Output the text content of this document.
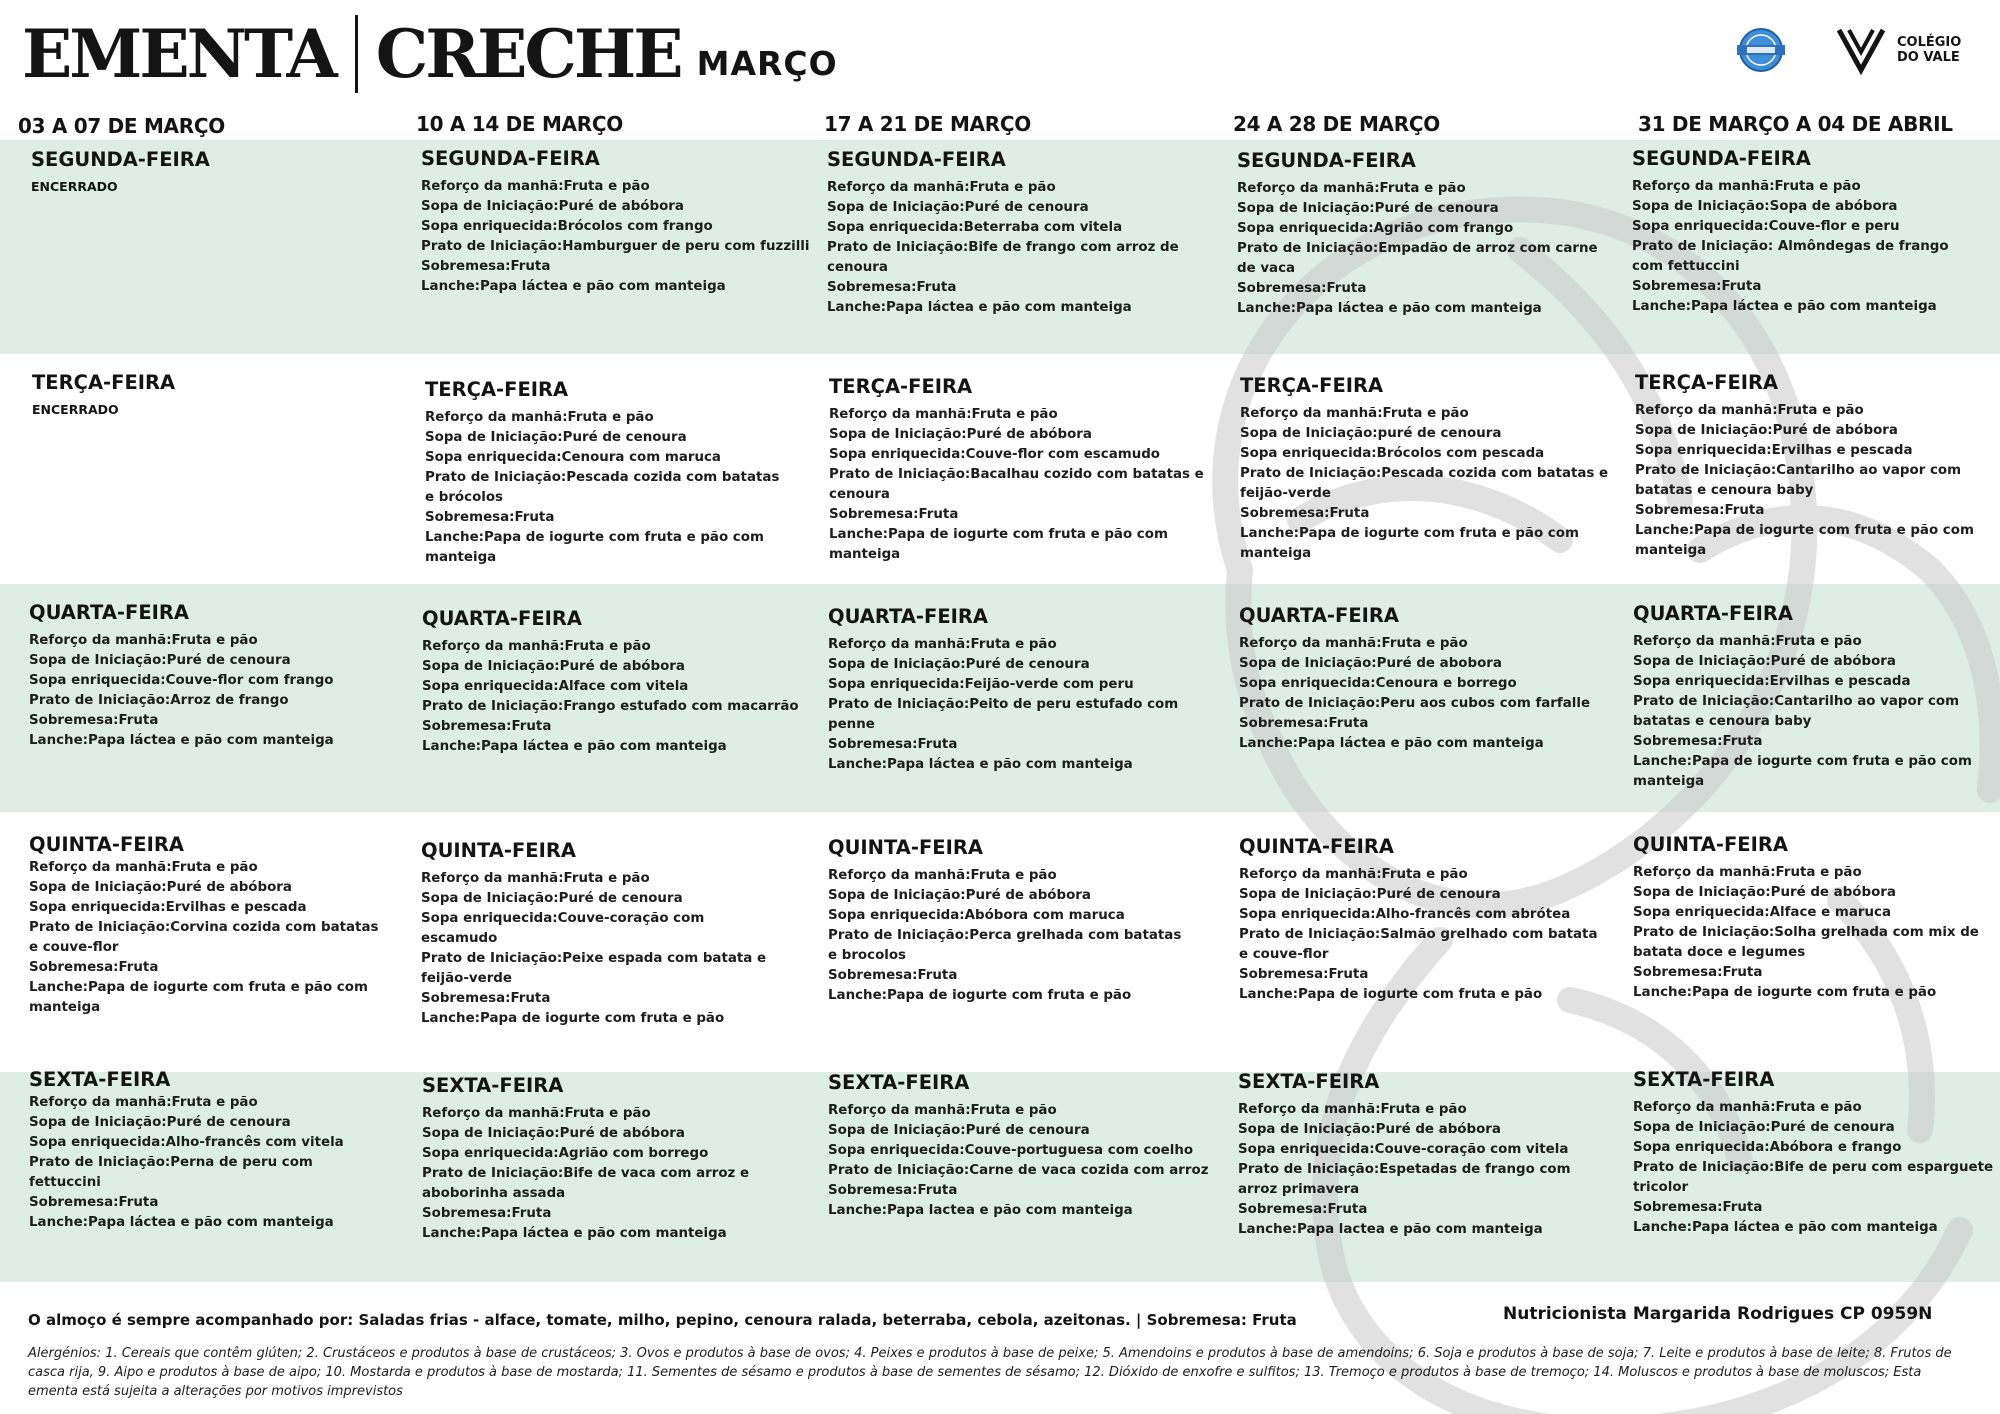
EMENTA CRECHE MARÇO
COLÉGIO
DO VALE
03 A 07 DE MARÇO	10 A 14 DE MARÇO	17 A 21 DE MARÇO	24 A 28 DE MARÇO	31 DE MARÇO A 04 DE ABRIL
SEGUNDA-FEIRA
ENCERRADO
SEGUNDA-FEIRA
Reforço da manhã:Fruta e pão
Sopa de Iniciação:Puré de abóbora
Sopa enriquecida:Brócolos com frango
Prato de Iniciação:Hamburguer de peru com fuzzilli
Sobremesa:Fruta
Lanche:Papa láctea e pão com manteiga
SEGUNDA-FEIRA
Reforço da manhã:Fruta e pão
Sopa de Iniciação:Puré de cenoura
Sopa enriquecida:Beterraba com vitela
Prato de Iniciação:Bife de frango com arroz de cenoura
Sobremesa:Fruta
Lanche:Papa láctea e pão com manteiga
SEGUNDA-FEIRA
Reforço da manhã:Fruta e pão
Sopa de Iniciação:Puré de cenoura
Sopa enriquecida:Agrião com frango
Prato de Iniciação:Empadão de arroz com carne de vaca
Sobremesa:Fruta
Lanche:Papa láctea e pão com manteiga
SEGUNDA-FEIRA
Reforço da manhã:Fruta e pão
Sopa de Iniciação:Sopa de abóbora
Sopa enriquecida:Couve-flor e peru
Prato de Iniciação: Almôndegas de frango com fettuccini
Sobremesa:Fruta
Lanche:Papa láctea e pão com manteiga
TERÇA-FEIRA
ENCERRADO
TERÇA-FEIRA
Reforço da manhã:Fruta e pão
Sopa de Iniciação:Puré de cenoura
Sopa enriquecida:Cenoura com maruca
Prato de Iniciação:Pescada cozida com batatas e brócolos
Sobremesa:Fruta
Lanche:Papa de iogurte com fruta e pão com manteiga
TERÇA-FEIRA
Reforço da manhã:Fruta e pão
Sopa de Iniciação:Puré de abóbora
Sopa enriquecida:Couve-flor com escamudo
Prato de Iniciação:Bacalhau cozido com batatas e cenoura
Sobremesa:Fruta
Lanche:Papa de iogurte com fruta e pão com manteiga
TERÇA-FEIRA
Reforço da manhã:Fruta e pão
Sopa de Iniciação:puré de cenoura
Sopa enriquecida:Brócolos com pescada
Prato de Iniciação:Pescada cozida com batatas e feijão-verde
Sobremesa:Fruta
Lanche:Papa de iogurte com fruta e pão com manteiga
TERÇA-FEIRA
Reforço da manhã:Fruta e pão
Sopa de Iniciação:Puré de abóbora
Sopa enriquecida:Ervilhas e pescada
Prato de Iniciação:Cantarilho ao vapor com batatas e cenoura baby
Sobremesa:Fruta
Lanche:Papa de iogurte com fruta e pão com manteiga
QUARTA-FEIRA
Reforço da manhã:Fruta e pão
Sopa de Iniciação:Puré de cenoura
Sopa enriquecida:Couve-flor com frango
Prato de Iniciação:Arroz de frango
Sobremesa:Fruta
Lanche:Papa láctea e pão com manteiga
QUARTA-FEIRA
Reforço da manhã:Fruta e pão
Sopa de Iniciação:Puré de abóbora
Sopa enriquecida:Alface com vitela
Prato de Iniciação:Frango estufado com macarrão
Sobremesa:Fruta
Lanche:Papa láctea e pão com manteiga
QUARTA-FEIRA
Reforço da manhã:Fruta e pão
Sopa de Iniciação:Puré de cenoura
Sopa enriquecida:Feijão-verde com peru
Prato de Iniciação:Peito de peru estufado com penne
Sobremesa:Fruta
Lanche:Papa láctea e pão com manteiga
QUARTA-FEIRA
Reforço da manhã:Fruta e pão
Sopa de Iniciação:Puré de abobora
Sopa enriquecida:Cenoura e borrego
Prato de Iniciação:Peru aos cubos com farfalle
Sobremesa:Fruta
Lanche:Papa láctea e pão com manteiga
QUARTA-FEIRA
Reforço da manhã:Fruta e pão
Sopa de Iniciação:Puré de abóbora
Sopa enriquecida:Ervilhas e pescada
Prato de Iniciação:Cantarilho ao vapor com batatas e cenoura baby
Sobremesa:Fruta
Lanche:Papa de iogurte com fruta e pão com manteiga
QUINTA-FEIRA
Reforço da manhã:Fruta e pão
Sopa de Iniciação:Puré de abóbora
Sopa enriquecida:Ervilhas e pescada
Prato de Iniciação:Corvina cozida com batatas e couve-flor
Sobremesa:Fruta
Lanche:Papa de iogurte com fruta e pão com manteiga
QUINTA-FEIRA
Reforço da manhã:Fruta e pão
Sopa de Iniciação:Puré de cenoura
Sopa enriquecida:Couve-coração com escamudo
Prato de Iniciação:Peixe espada com batata e feijão-verde
Sobremesa:Fruta
Lanche:Papa de iogurte com fruta e pão
QUINTA-FEIRA
Reforço da manhã:Fruta e pão
Sopa de Iniciação:Puré de abóbora
Sopa enriquecida:Abóbora com maruca
Prato de Iniciação:Perca grelhada com batatas e brocolos
Sobremesa:Fruta
Lanche:Papa de iogurte com fruta e pão
QUINTA-FEIRA
Reforço da manhã:Fruta e pão
Sopa de Iniciação:Puré de cenoura
Sopa enriquecida:Alho-francês com abrótea
Prato de Iniciação:Salmão grelhado com batata e couve-flor
Sobremesa:Fruta
Lanche:Papa de iogurte com fruta e pão
QUINTA-FEIRA
Reforço da manhã:Fruta e pão
Sopa de Iniciação:Puré de abóbora
Sopa enriquecida:Alface e maruca
Prato de Iniciação:Solha grelhada com mix de batata doce e legumes
Sobremesa:Fruta
Lanche:Papa de iogurte com fruta e pão
SEXTA-FEIRA
Reforço da manhã:Fruta e pão
Sopa de Iniciação:Puré de cenoura
Sopa enriquecida:Alho-francês com vitela
Prato de Iniciação:Perna de peru com fettuccini
Sobremesa:Fruta
Lanche:Papa láctea e pão com manteiga
SEXTA-FEIRA
Reforço da manhã:Fruta e pão
Sopa de Iniciação:Puré de abóbora
Sopa enriquecida:Agrião com borrego
Prato de Iniciação:Bife de vaca com arroz e aboborinha assada
Sobremesa:Fruta
Lanche:Papa láctea e pão com manteiga
SEXTA-FEIRA
Reforço da manhã:Fruta e pão
Sopa de Iniciação:Puré de cenoura
Sopa enriquecida:Couve-portuguesa com coelho
Prato de Iniciação:Carne de vaca cozida com arroz
Sobremesa:Fruta
Lanche:Papa lactea e pão com manteiga
SEXTA-FEIRA
Reforço da manhã:Fruta e pão
Sopa de Iniciação:Puré de abóbora
Sopa enriquecida:Couve-coração com vitela
Prato de Iniciação:Espetadas de frango com arroz primavera
Sobremesa:Fruta
Lanche:Papa lactea e pão com manteiga
SEXTA-FEIRA
Reforço da manhã:Fruta e pão
Sopa de Iniciação:Puré de cenoura
Sopa enriquecida:Abóbora e frango
Prato de Iniciação:Bife de peru com esparguete tricolor
Sobremesa:Fruta
Lanche:Papa láctea e pão com manteiga
O almoço é sempre acompanhado por: Saladas frias - alface, tomate, milho, pepino, cenoura ralada, beterraba, cebola, azeitonas. | Sobremesa: Fruta	Nutricionista Margarida Rodrigues CP 0959N
Alergénios: 1. Cereais que contêm glúten; 2. Crustáceos e produtos à base de crustáceos; 3. Ovos e produtos à base de ovos; 4. Peixes e produtos à base de peixe; 5. Amendoins e produtos à base de amendoins; 6. Soja e produtos à base de soja; 7. Leite e produtos à base de leite; 8. Frutos de casca rija, 9. Aipo e produtos à base de aipo; 10. Mostarda e produtos à base de mostarda; 11. Sementes de sésamo e produtos à base de sementes de sésamo; 12. Dióxido de enxofre e sulfitos; 13. Tremoço e produtos à base de tremoço; 14. Moluscos e produtos à base de moluscos; Esta ementa está sujeita a alterações por motivos imprevistos
